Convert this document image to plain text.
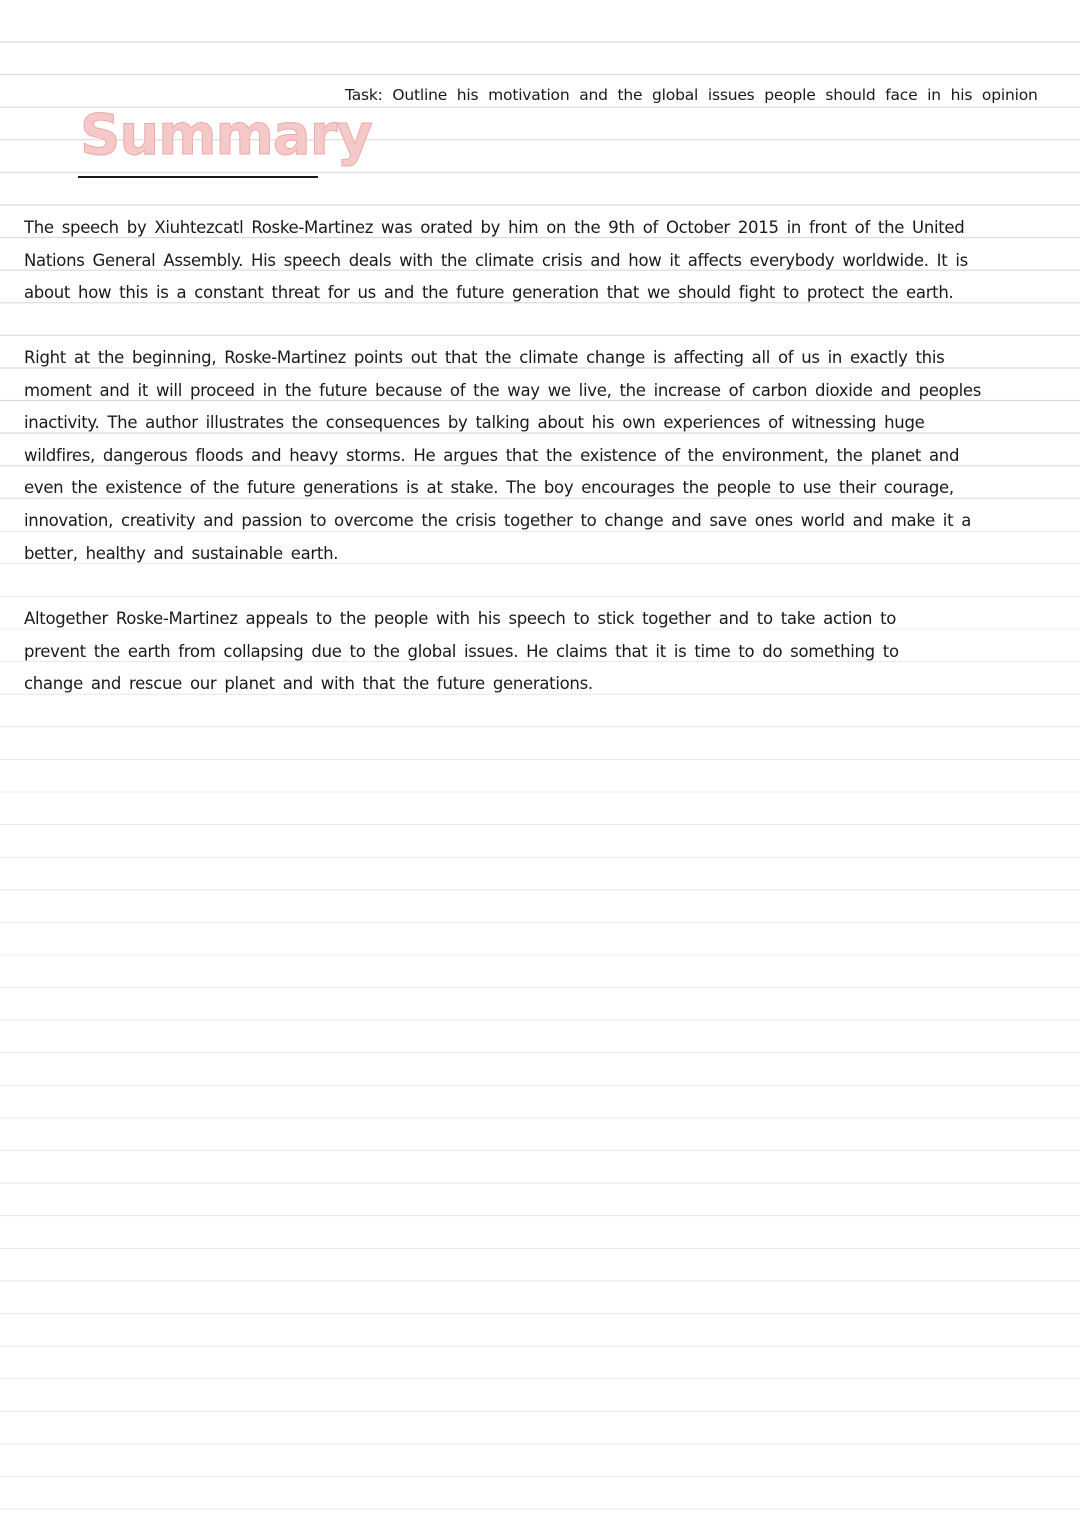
Task: Outline his motivation and the global issues people should face in his opinion
Summary

The speech by Xiuhtezcatl Roske-Martinez was orated by him on the 9th of October 2015 in front of the United Nations General Assembly. His speech deals with the climate crisis and how it affects everybody worldwide. It is about how this is a constant threat for us and the future generation that we should fight to protect the earth.

Right at the beginning, Roske-Martinez points out that the climate change is affecting all of us in exactly this moment and it will proceed in the future because of the way we live, the increase of carbon dioxide and peoples inactivity. The author illustrates the consequences by talking about his own experiences of witnessing huge wildfires, dangerous floods and heavy storms. He argues that the existence of the environment, the planet and even the existence of the future generations is at stake. The boy encourages the people to use their courage, innovation, creativity and passion to overcome the crisis together to change and save ones world and make it a better, healthy and sustainable earth.

Altogether Roske-Martinez appeals to the people with his speech to stick together and to take action to prevent the earth from collapsing due to the global issues. He claims that it is time to do something to change and rescue our planet and with that the future generations.
